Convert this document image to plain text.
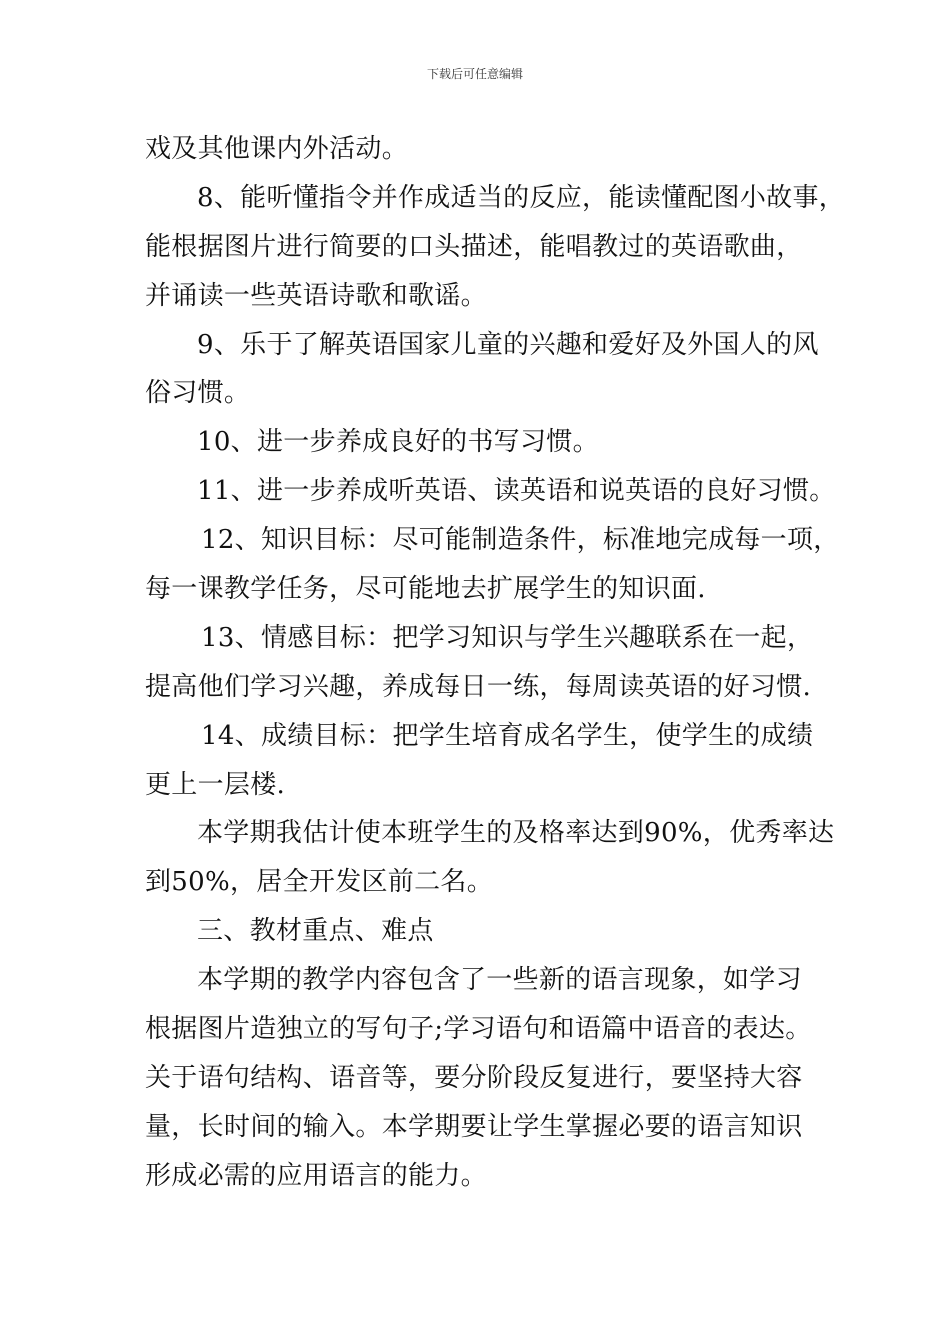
下载后可任意编辑
戏及其他课内外活动。
8、能听懂指令并作成适当的反应，能读懂配图小故事，
能根据图片进行简要的口头描述，能唱教过的英语歌曲，
并诵读一些英语诗歌和歌谣。
9、乐于了解英语国家儿童的兴趣和爱好及外国人的风
俗习惯。
10、进一步养成良好的书写习惯。
11、进一步养成听英语、读英语和说英语的良好习惯。
12、知识目标：尽可能制造条件，标准地完成每一项，
每一课教学任务，尽可能地去扩展学生的知识面.
13、情感目标：把学习知识与学生兴趣联系在一起，
提高他们学习兴趣，养成每日一练，每周读英语的好习惯.
14、成绩目标：把学生培育成名学生，使学生的成绩
更上一层楼.
本学期我估计使本班学生的及格率达到90%，优秀率达
到50%，居全开发区前二名。
三、教材重点、难点
本学期的教学内容包含了一些新的语言现象，如学习
根据图片造独立的写句子;学习语句和语篇中语音的表达。
关于语句结构、语音等，要分阶段反复进行，要坚持大容
量，长时间的输入。本学期要让学生掌握必要的语言知识
形成必需的应用语言的能力。
